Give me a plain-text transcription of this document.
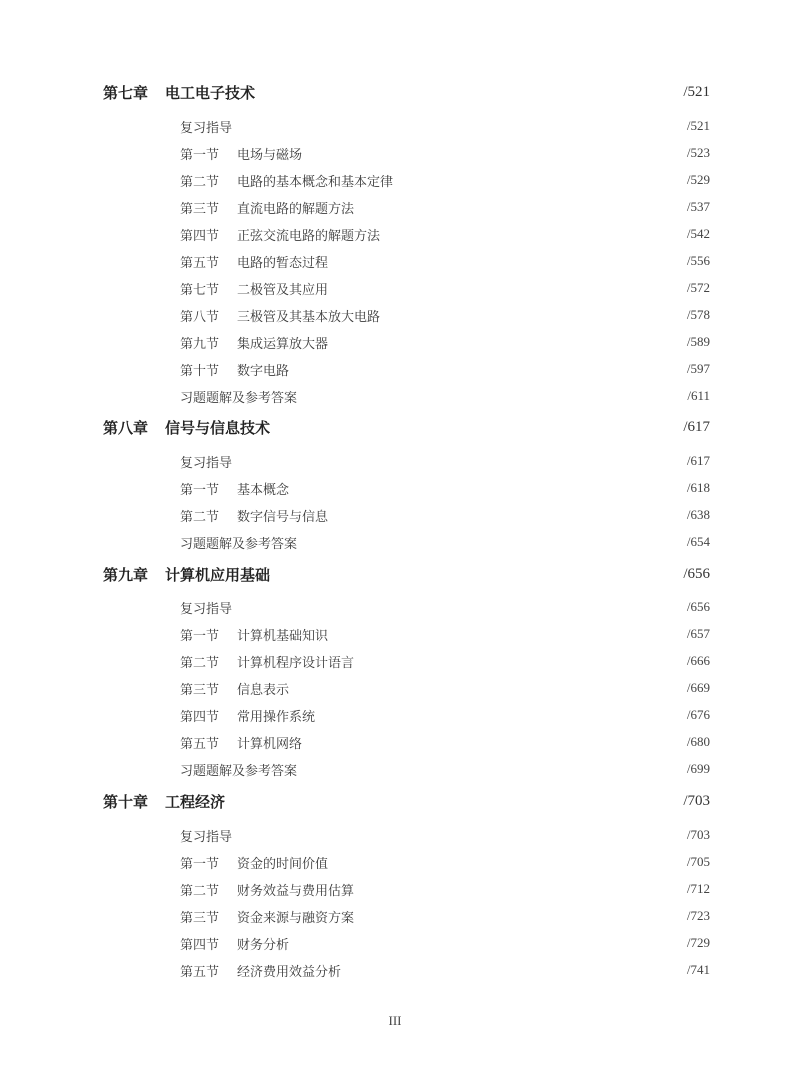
第七章 电工电子技术	/521
复习指导	/521
第一节 电场与磁场	/523
第二节 电路的基本概念和基本定律	/529
第三节 直流电路的解题方法	/537
第四节 正弦交流电路的解题方法	/542
第五节 电路的暂态过程	/556
第七节 二极管及其应用	/572
第八节 三极管及其基本放大电路	/578
第九节 集成运算放大器	/589
第十节 数字电路	/597
习题题解及参考答案	/611
第八章 信号与信息技术	/617
复习指导	/617
第一节 基本概念	/618
第二节 数字信号与信息	/638
习题题解及参考答案	/654
第九章 计算机应用基础	/656
复习指导	/656
第一节 计算机基础知识	/657
第二节 计算机程序设计语言	/666
第三节 信息表示	/669
第四节 常用操作系统	/676
第五节 计算机网络	/680
习题题解及参考答案	/699
第十章 工程经济	/703
复习指导	/703
第一节 资金的时间价值	/705
第二节 财务效益与费用估算	/712
第三节 资金来源与融资方案	/723
第四节 财务分析	/729
第五节 经济费用效益分析	/741
III
